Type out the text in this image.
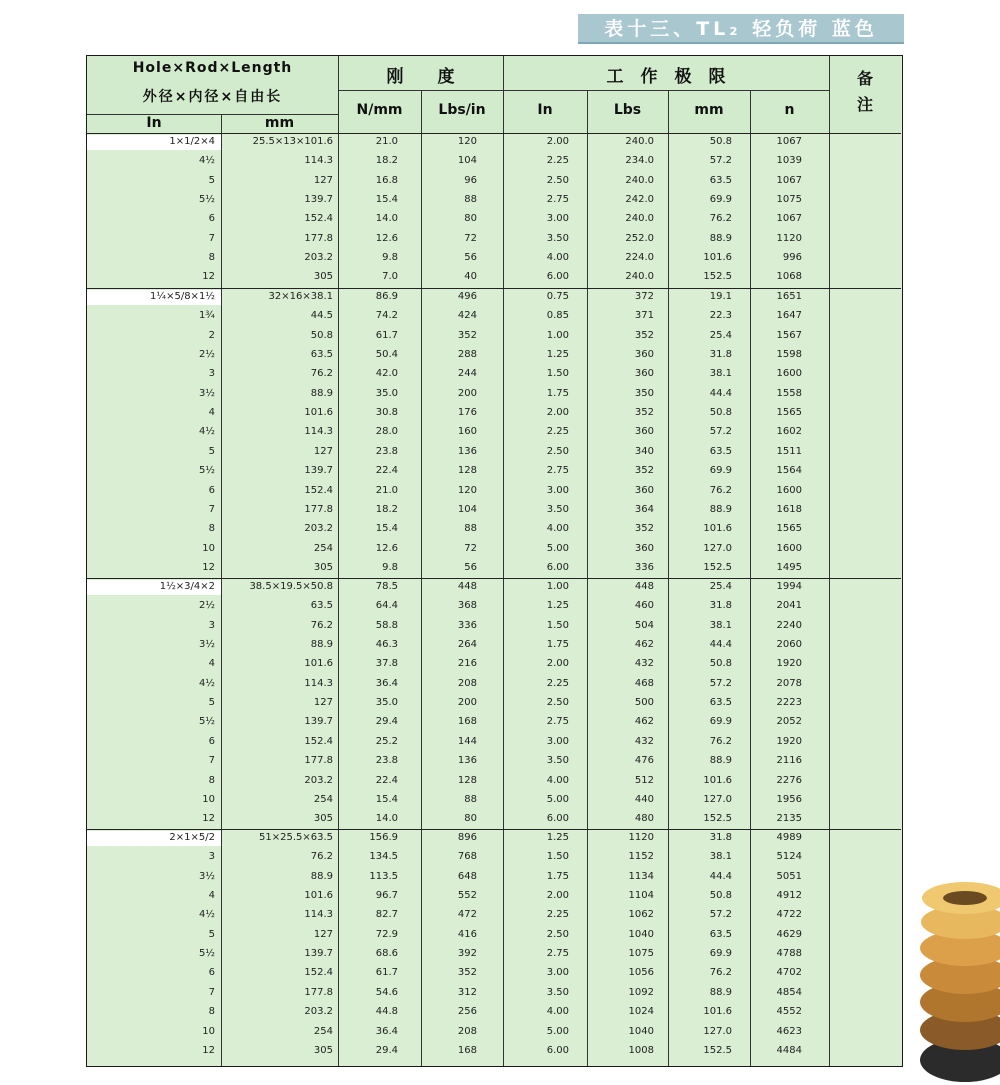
表十三、TL₂ 轻负荷 蓝色
Hole×Rod×Length
外径×内径×自由长
In	mm
刚　　度
N/mm	Lbs/in
工　作　极　限
In	Lbs	mm	n
备
注
1×1/2×4	25.5×13×101.6	21.0	120	2.00	240.0	50.8	1067
4½	114.3	18.2	104	2.25	234.0	57.2	1039
5	127	16.8	96	2.50	240.0	63.5	1067
5½	139.7	15.4	88	2.75	242.0	69.9	1075
6	152.4	14.0	80	3.00	240.0	76.2	1067
7	177.8	12.6	72	3.50	252.0	88.9	1120
8	203.2	9.8	56	4.00	224.0	101.6	996
12	305	7.0	40	6.00	240.0	152.5	1068
1¼×5/8×1½	32×16×38.1	86.9	496	0.75	372	19.1	1651
1¾	44.5	74.2	424	0.85	371	22.3	1647
2	50.8	61.7	352	1.00	352	25.4	1567
2½	63.5	50.4	288	1.25	360	31.8	1598
3	76.2	42.0	244	1.50	360	38.1	1600
3½	88.9	35.0	200	1.75	350	44.4	1558
4	101.6	30.8	176	2.00	352	50.8	1565
4½	114.3	28.0	160	2.25	360	57.2	1602
5	127	23.8	136	2.50	340	63.5	1511
5½	139.7	22.4	128	2.75	352	69.9	1564
6	152.4	21.0	120	3.00	360	76.2	1600
7	177.8	18.2	104	3.50	364	88.9	1618
8	203.2	15.4	88	4.00	352	101.6	1565
10	254	12.6	72	5.00	360	127.0	1600
12	305	9.8	56	6.00	336	152.5	1495
1½×3/4×2	38.5×19.5×50.8	78.5	448	1.00	448	25.4	1994
2½	63.5	64.4	368	1.25	460	31.8	2041
3	76.2	58.8	336	1.50	504	38.1	2240
3½	88.9	46.3	264	1.75	462	44.4	2060
4	101.6	37.8	216	2.00	432	50.8	1920
4½	114.3	36.4	208	2.25	468	57.2	2078
5	127	35.0	200	2.50	500	63.5	2223
5½	139.7	29.4	168	2.75	462	69.9	2052
6	152.4	25.2	144	3.00	432	76.2	1920
7	177.8	23.8	136	3.50	476	88.9	2116
8	203.2	22.4	128	4.00	512	101.6	2276
10	254	15.4	88	5.00	440	127.0	1956
12	305	14.0	80	6.00	480	152.5	2135
2×1×5/2	51×25.5×63.5	156.9	896	1.25	1120	31.8	4989
3	76.2	134.5	768	1.50	1152	38.1	5124
3½	88.9	113.5	648	1.75	1134	44.4	5051
4	101.6	96.7	552	2.00	1104	50.8	4912
4½	114.3	82.7	472	2.25	1062	57.2	4722
5	127	72.9	416	2.50	1040	63.5	4629
5½	139.7	68.6	392	2.75	1075	69.9	4788
6	152.4	61.7	352	3.00	1056	76.2	4702
7	177.8	54.6	312	3.50	1092	88.9	4854
8	203.2	44.8	256	4.00	1024	101.6	4552
10	254	36.4	208	5.00	1040	127.0	4623
12	305	29.4	168	6.00	1008	152.5	4484
